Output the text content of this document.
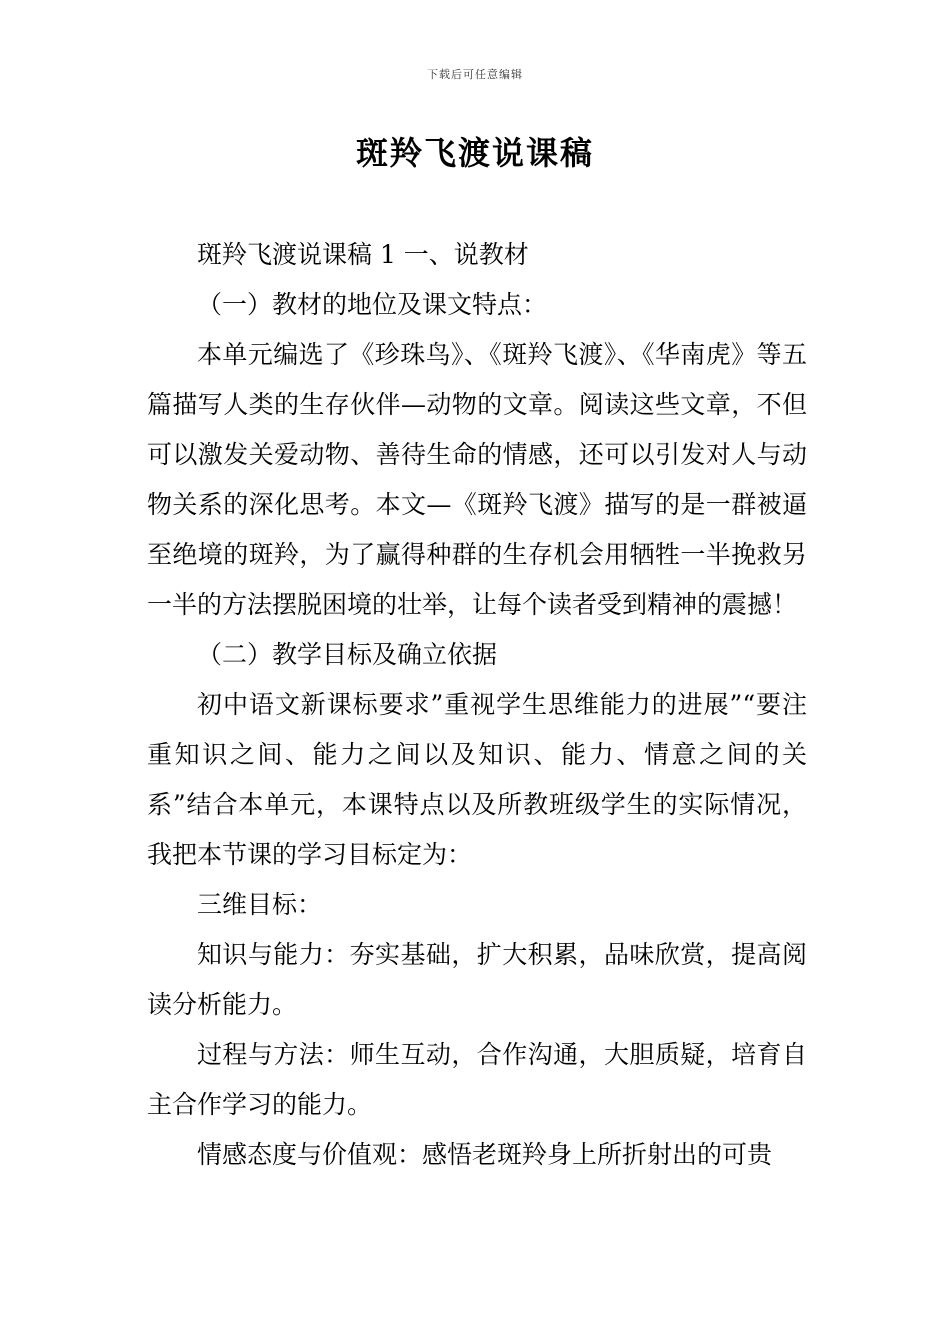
下载后可任意编辑
斑羚飞渡说课稿

斑羚飞渡说课稿 1 一、说教材

（一）教材的地位及课文特点：

本单元编选了《珍珠鸟》、《斑羚飞渡》、《华南虎》等五篇描写人类的生存伙伴—动物的文章。阅读这些文章，不但可以激发关爱动物、善待生命的情感，还可以引发对人与动物关系的深化思考。本文—《斑羚飞渡》描写的是一群被逼至绝境的斑羚，为了赢得种群的生存机会用牺牲一半挽救另一半的方法摆脱困境的壮举，让每个读者受到精神的震撼！

（二）教学目标及确立依据

初中语文新课标要求”重视学生思维能力的进展”“要注重知识之间、能力之间以及知识、能力、情意之间的关系”结合本单元，本课特点以及所教班级学生的实际情况，我把本节课的学习目标定为：

三维目标：

知识与能力：夯实基础，扩大积累，品味欣赏，提高阅读分析能力。

过程与方法：师生互动，合作沟通，大胆质疑，培育自主合作学习的能力。

情感态度与价值观：感悟老斑羚身上所折射出的可贵
